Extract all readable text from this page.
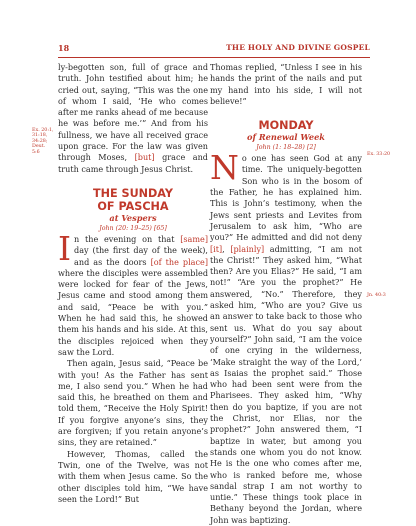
18	THE HOLY AND DIVINE GOSPEL

ly-begotten son, full of grace and truth. John testified about him; he cried out, saying, “This was the one of whom I said, ‘He who comes after me ranks ahead of me because he was before me.’” And from his fullness, we have all received grace upon grace. For the law was given through Moses, [but] grace and truth came through Jesus Christ.

THE SUNDAY

OF PASCHA

at Vespers

John (20: 19–25) [65]

In the evening on that [same] day (the first day of the week), and as the doors [of the place] where the disciples were assembled were locked for fear of the Jews, Jesus came and stood among them and said, “Peace be with you.” When he had said this, he showed them his hands and his side. At this, the disciples rejoiced when they saw the Lord.

Then again, Jesus said, “Peace be with you! As the Father has sent me, I also send you.” When he had said this, he breathed on them and told them, “Receive the Holy Spirit! If you forgive anyone’s sins, they are forgiven; if you retain anyone’s sins, they are retained.”

However, Thomas, called the Twin, one of the Twelve, was not with them when Jesus came. So the other disciples told him, “We have seen the Lord!” But

Ex. 20:1, 31:18, 34:28; Deut. 5:6

Thomas replied, “Unless I see in his hands the print of the nails and put my hand into his side, I will not believe!”

MONDAY

of Renewal Week

John (1: 18–28) [2]

No one has seen God at any time. The uniquely-begotten Son who is in the bosom of the Father, he has explained him. This is John’s testimony, when the Jews sent priests and Levites from Jerusalem to ask him, “Who are you?” He admitted and did not deny [it], [plainly] admitting, “I am not the Christ!” They asked him, “What then? Are you Elias?” He said, “I am not!” “Are you the prophet?” He answered, “No.” Therefore, they asked him, “Who are you? Give us an answer to take back to those who sent us. What do you say about yourself?” John said, “I am the voice of one crying in the wilderness, ‘Make straight the way of the Lord,’ as Isaias the prophet said.” Those who had been sent were from the Pharisees. They asked him, “Why then do you baptize, if you are not the Christ, nor Elias, nor the prophet?” John answered them, “I baptize in water, but among you stands one whom you do not know. He is the one who comes after me, who is ranked before me, whose sandal strap I am not worthy to untie.” These things took place in Bethany beyond the Jordan, where John was baptizing.

Ex. 33:20
Jn. 40:3
